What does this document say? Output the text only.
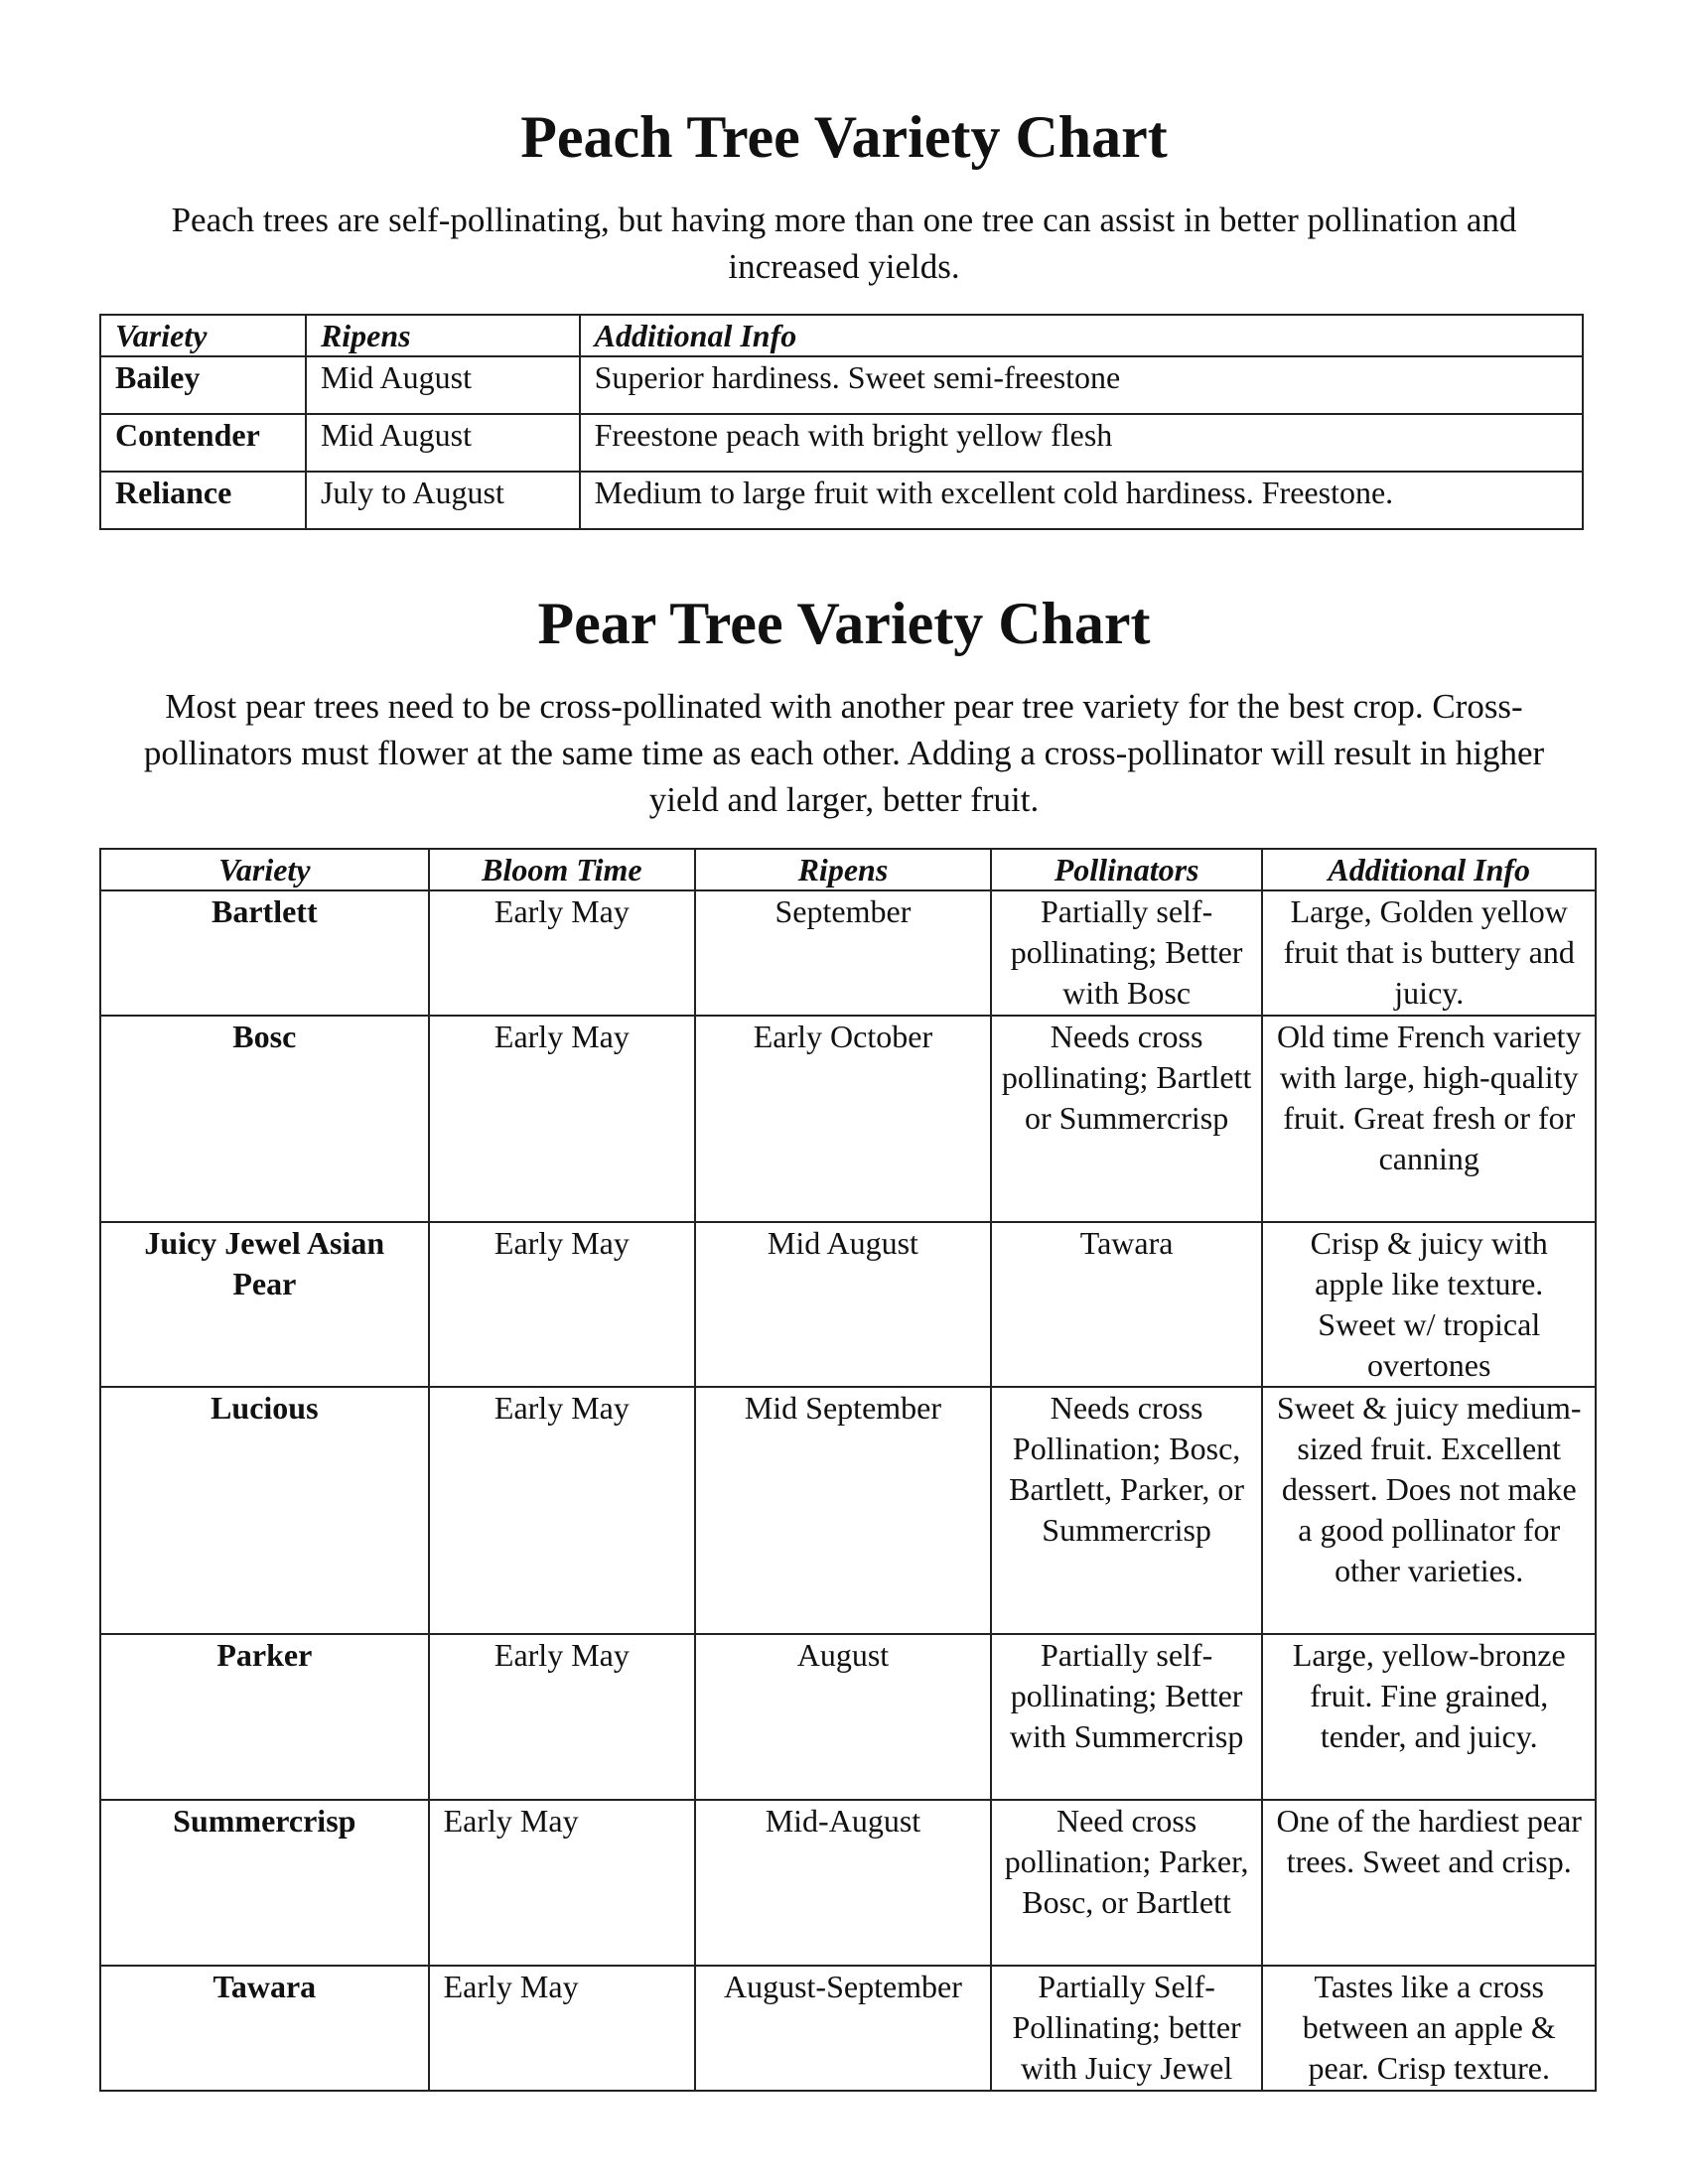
Peach Tree Variety Chart

Peach trees are self-pollinating, but having more than one tree can assist in better pollination and increased yields.

Variety	Ripens	Additional Info
Bailey	Mid August	Superior hardiness. Sweet semi-freestone
Contender	Mid August	Freestone peach with bright yellow flesh
Reliance	July to August	Medium to large fruit with excellent cold hardiness. Freestone.
Pear Tree Variety Chart

Most pear trees need to be cross-pollinated with another pear tree variety for the best crop. Cross- pollinators must flower at the same time as each other. Adding a cross-pollinator will result in higher yield and larger, better fruit.

Variety	Bloom Time	Ripens	Pollinators	Additional Info
Bartlett	Early May	September	Partially self-pollinating; Better with Bosc	Large, Golden yellow fruit that is buttery and juicy.
Bosc	Early May	Early October	Needs cross pollinating; Bartlett or Summercrisp	Old time French variety with large, high-quality fruit. Great fresh or for canning
Juicy Jewel Asian Pear	Early May	Mid August	Tawara	Crisp & juicy with apple like texture. Sweet w/ tropical overtones
Lucious	Early May	Mid September	Needs cross Pollination; Bosc, Bartlett, Parker, or Summercrisp	Sweet & juicy medium-sized fruit. Excellent dessert. Does not make a good pollinator for other varieties.
Parker	Early May	August	Partially self-pollinating; Better with Summercrisp	Large, yellow-bronze fruit. Fine grained, tender, and juicy.
Summercrisp	Early May	Mid-August	Need cross pollination; Parker, Bosc, or Bartlett	One of the hardiest pear trees. Sweet and crisp.
Tawara	Early May	August-September	Partially Self-Pollinating; better with Juicy Jewel	Tastes like a cross between an apple & pear. Crisp texture.
